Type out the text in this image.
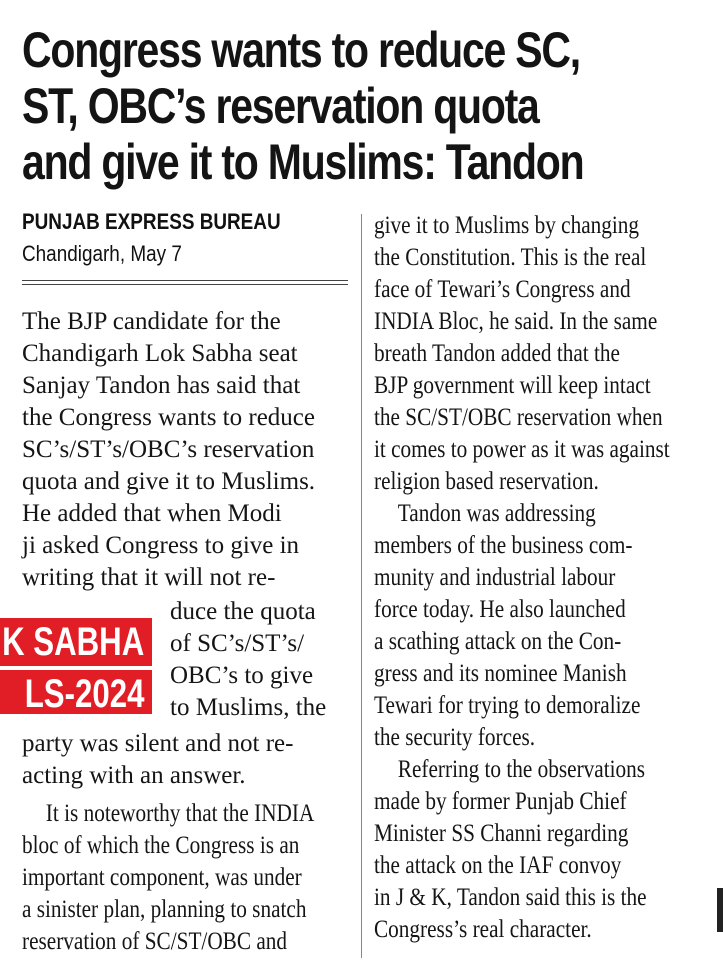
Congress wants to reduce SC,
ST, OBC’s reservation quota
and give it to Muslims: Tandon
PUNJAB EXPRESS BUREAU
Chandigarh, May 7
The BJP candidate for the
Chandigarh Lok Sabha seat
Sanjay Tandon has said that
the Congress wants to reduce
SC’s/ST’s/OBC’s reservation
quota and give it to Muslims.
He added that when Modi
ji asked Congress to give in
writing that it will not re-
K SABHA
LS-2024
duce the quota
of SC’s/ST’s/
OBC’s to give
to Muslims, the
party was silent and not re-
acting with an answer.
It is noteworthy that the INDIA
bloc of which the Congress is an
important component, was under
a sinister plan, planning to snatch
reservation of SC/ST/OBC and
give it to Muslims by changing
the Constitution. This is the real
face of Tewari’s Congress and
INDIA Bloc, he said. In the same
breath Tandon added that the
BJP government will keep intact
the SC/ST/OBC reservation when
it comes to power as it was against
religion based reservation.
Tandon was addressing
members of the business com-
munity and industrial labour
force today. He also launched
a scathing attack on the Con-
gress and its nominee Manish
Tewari for trying to demoralize
the security forces.
Referring to the observations
made by former Punjab Chief
Minister SS Channi regarding
the attack on the IAF convoy
in J & K, Tandon said this is the
Congress’s real character.
